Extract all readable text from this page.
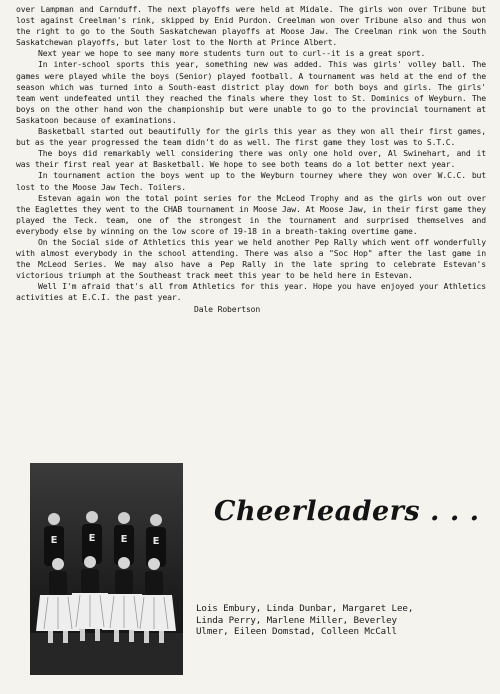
over Lampman and Carnduff. The next playoffs were held at Midale. The girls won over Tribune but lost against Creelman's rink, skipped by Enid Purdon. Creelman won over Tribune also and thus won the right to go to the South Saskatchewan playoffs at Moose Jaw. The Creelman rink won the South Saskatchewan playoffs, but later lost to the North at Prince Albert.

Next year we hope to see many more students turn out to curl--it is a great sport.

In inter-school sports this year, something new was added. This was girls' volley ball. The games were played while the boys (Senior) played football. A tournament was held at the end of the season which was turned into a South-east district play down for both boys and girls. The girls' team went undefeated until they reached the finals where they lost to St. Dominics of Weyburn. The boys on the other hand won the championship but were unable to go to the provincial tournament at Saskatoon because of examinations.

Basketball started out beautifully for the girls this year as they won all their first games, but as the year progressed the team didn't do as well. The first game they lost was to S.T.C.

The boys did remarkably well considering there was only one hold over, Al Swinehart, and it was their first real year at Basketball. We hope to see both teams do a lot better next year.

In tournament action the boys went up to the Weyburn tourney where they won over W.C.C. but lost to the Moose Jaw Tech. Toilers.

Estevan again won the total point series for the McLeod Trophy and as the girls won out over the Eaglettes they went to the CHAB tournament in Moose Jaw. At Moose Jaw, in their first game they played the Teck. team, one of the strongest in the tournament and surprised themselves and everybody else by winning on the low score of 19-18 in a breath-taking overtime game.

On the Social side of Athletics this year we held another Pep Rally which went off wonderfully with almost everybody in the school attending. There was also a "Soc Hop" after the last game in the McLeod Series. We may also have a Pep Rally in the late spring to celebrate Estevan's victorious triumph at the Southeast track meet this year to be held here in Estevan.

Well I'm afraid that's all from Athletics for this year. Hope you have enjoyed your Athletics activities at E.C.I. the past year.

Dale Robertson

E	E	E	E
Cheerleaders . . .
Lois Embury, Linda Dunbar, Margaret Lee,
Linda Perry, Marlene Miller, Beverley
Ulmer, Eileen Domstad, Colleen McCall
